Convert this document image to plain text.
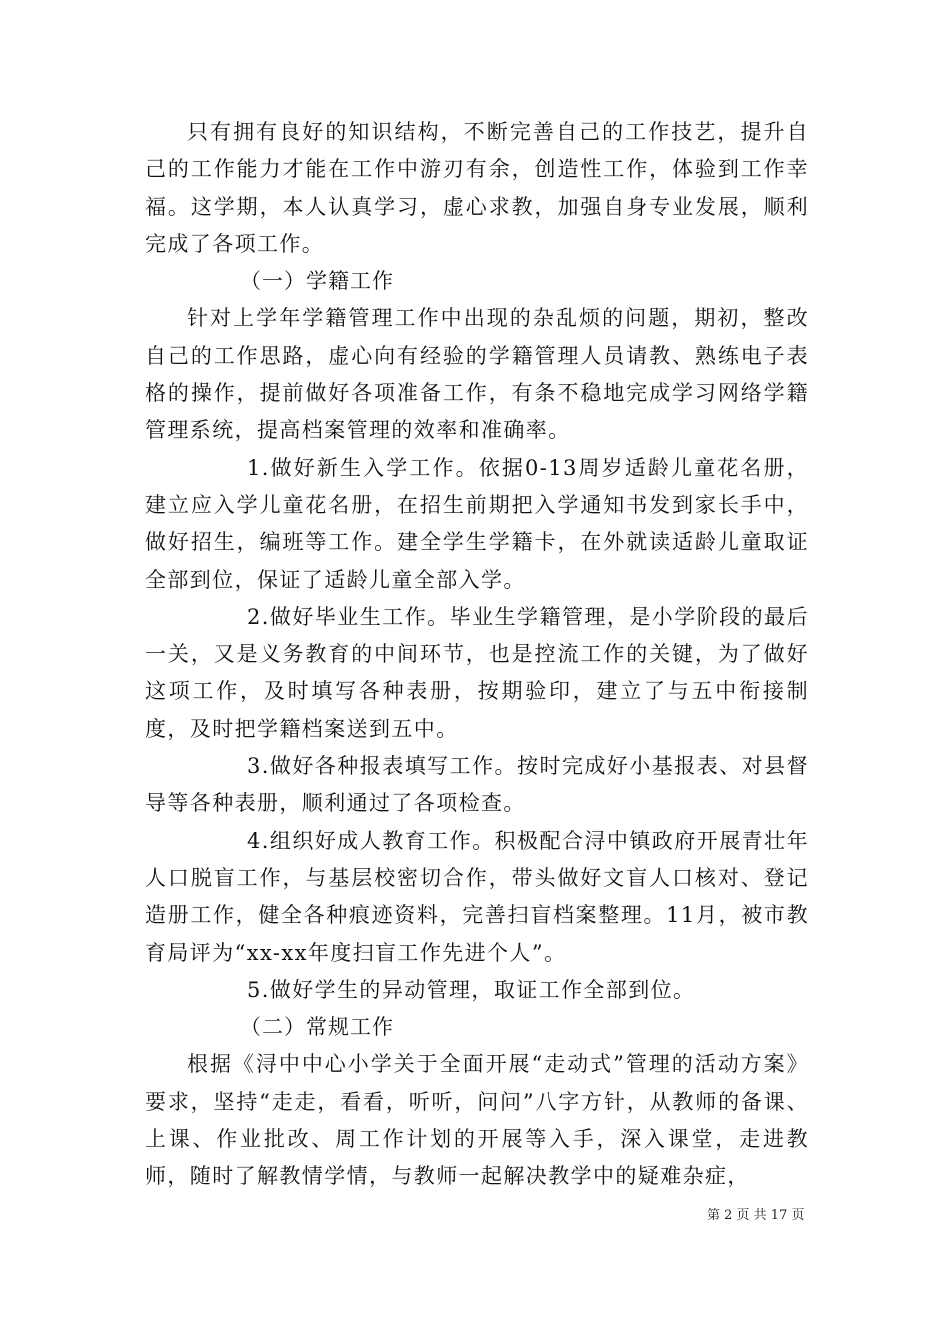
只有拥有良好的知识结构，不断完善自己的工作技艺，提升自己的工作能力才能在工作中游刃有余，创造性工作，体验到工作幸福。这学期，本人认真学习，虚心求教，加强自身专业发展，顺利完成了各项工作。

（一）学籍工作

针对上学年学籍管理工作中出现的杂乱烦的问题，期初，整改自己的工作思路，虚心向有经验的学籍管理人员请教、熟练电子表格的操作，提前做好各项准备工作，有条不稳地完成学习网络学籍管理系统，提高档案管理的效率和准确率。

1.做好新生入学工作。依据0-13周岁适龄儿童花名册，建立应入学儿童花名册，在招生前期把入学通知书发到家长手中，做好招生，编班等工作。建全学生学籍卡，在外就读适龄儿童取证全部到位，保证了适龄儿童全部入学。

2.做好毕业生工作。毕业生学籍管理，是小学阶段的最后一关，又是义务教育的中间环节，也是控流工作的关键，为了做好这项工作，及时填写各种表册，按期验印，建立了与五中衔接制度，及时把学籍档案送到五中。

3.做好各种报表填写工作。按时完成好小基报表、对县督导等各种表册，顺利通过了各项检查。

4.组织好成人教育工作。积极配合浔中镇政府开展青壮年人口脱盲工作，与基层校密切合作，带头做好文盲人口核对、登记造册工作，健全各种痕迹资料，完善扫盲档案整理。11月，被市教育局评为“xx-xx年度扫盲工作先进个人”。

5.做好学生的异动管理，取证工作全部到位。

（二）常规工作

根据《浔中中心小学关于全面开展“走动式”管理的活动方案》要求，坚持“走走，看看，听听，问问”八字方针，从教师的备课、上课、作业批改、周工作计划的开展等入手，深入课堂，走进教师，随时了解教情学情，与教师一起解决教学中的疑难杂症，

第 2 页 共 17 页
